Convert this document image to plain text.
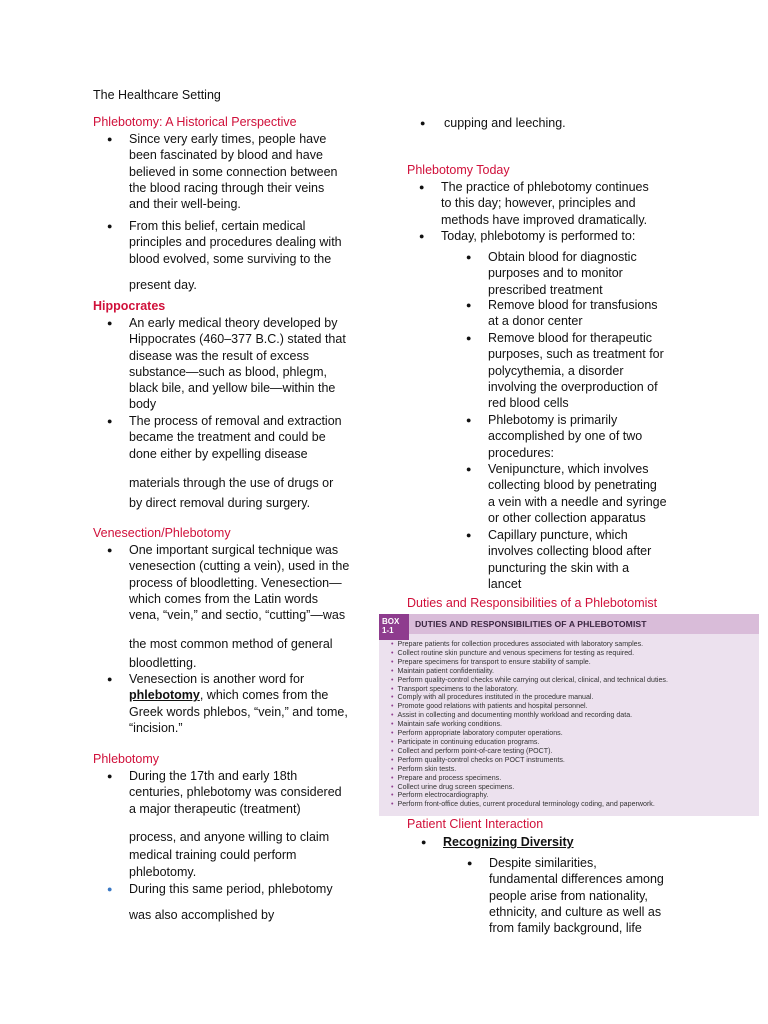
The Healthcare Setting
Phlebotomy: A Historical Perspective
● Since very early times, people have
been fascinated by blood and have
believed in some connection between
the blood racing through their veins
and their well-being.
● From this belief, certain medical
principles and procedures dealing with
blood evolved, some surviving to the
present day.
Hippocrates
● An early medical theory developed by
Hippocrates (460–377 B.C.) stated that
disease was the result of excess
substance—such as blood, phlegm,
black bile, and yellow bile—within the
body
● The process of removal and extraction
became the treatment and could be
done either by expelling disease
materials through the use of drugs or
by direct removal during surgery.
Venesection/Phlebotomy
● One important surgical technique was
venesection (cutting a vein), used in the
process of bloodletting. Venesection—
which comes from the Latin words
vena, “vein,” and sectio, “cutting”—was
the most common method of general
bloodletting.
● Venesection is another word for
phlebotomy, which comes from the
Greek words phlebos, “vein,” and tome,
“incision.”
Phlebotomy
● During the 17th and early 18th
centuries, phlebotomy was considered
a major therapeutic (treatment)
process, and anyone willing to claim
medical training could perform
phlebotomy.
● During this same period, phlebotomy
was also accomplished by
● cupping and leeching.
Phlebotomy Today
● The practice of phlebotomy continues
to this day; however, principles and
methods have improved dramatically.
● Today, phlebotomy is performed to:
● Obtain blood for diagnostic
purposes and to monitor
prescribed treatment
● Remove blood for transfusions
at a donor center
● Remove blood for therapeutic
purposes, such as treatment for
polycythemia, a disorder
involving the overproduction of
red blood cells
● Phlebotomy is primarily
accomplished by one of two
procedures:
● Venipuncture, which involves
collecting blood by penetrating
a vein with a needle and syringe
or other collection apparatus
● Capillary puncture, which
involves collecting blood after
puncturing the skin with a
lancet
Duties and Responsibilities of a Phlebotomist
BOX
1-1
DUTIES AND RESPONSIBILITIES OF A PHLEBOTOMIST
• Prepare patients for collection procedures associated with laboratory samples.
• Collect routine skin puncture and venous specimens for testing as required.
• Prepare specimens for transport to ensure stability of sample.
• Maintain patient confidentiality.
• Perform quality-control checks while carrying out clerical, clinical, and technical duties.
• Transport specimens to the laboratory.
• Comply with all procedures instituted in the procedure manual.
• Promote good relations with patients and hospital personnel.
• Assist in collecting and documenting monthly workload and recording data.
• Maintain safe working conditions.
• Perform appropriate laboratory computer operations.
• Participate in continuing education programs.
• Collect and perform point-of-care testing (POCT).
• Perform quality-control checks on POCT instruments.
• Perform skin tests.
• Prepare and process specimens.
• Collect urine drug screen specimens.
• Perform electrocardiography.
• Perform front-office duties, current procedural terminology coding, and paperwork.
Patient Client Interaction
● Recognizing Diversity
● Despite similarities,
fundamental differences among
people arise from nationality,
ethnicity, and culture as well as
from family background, life
